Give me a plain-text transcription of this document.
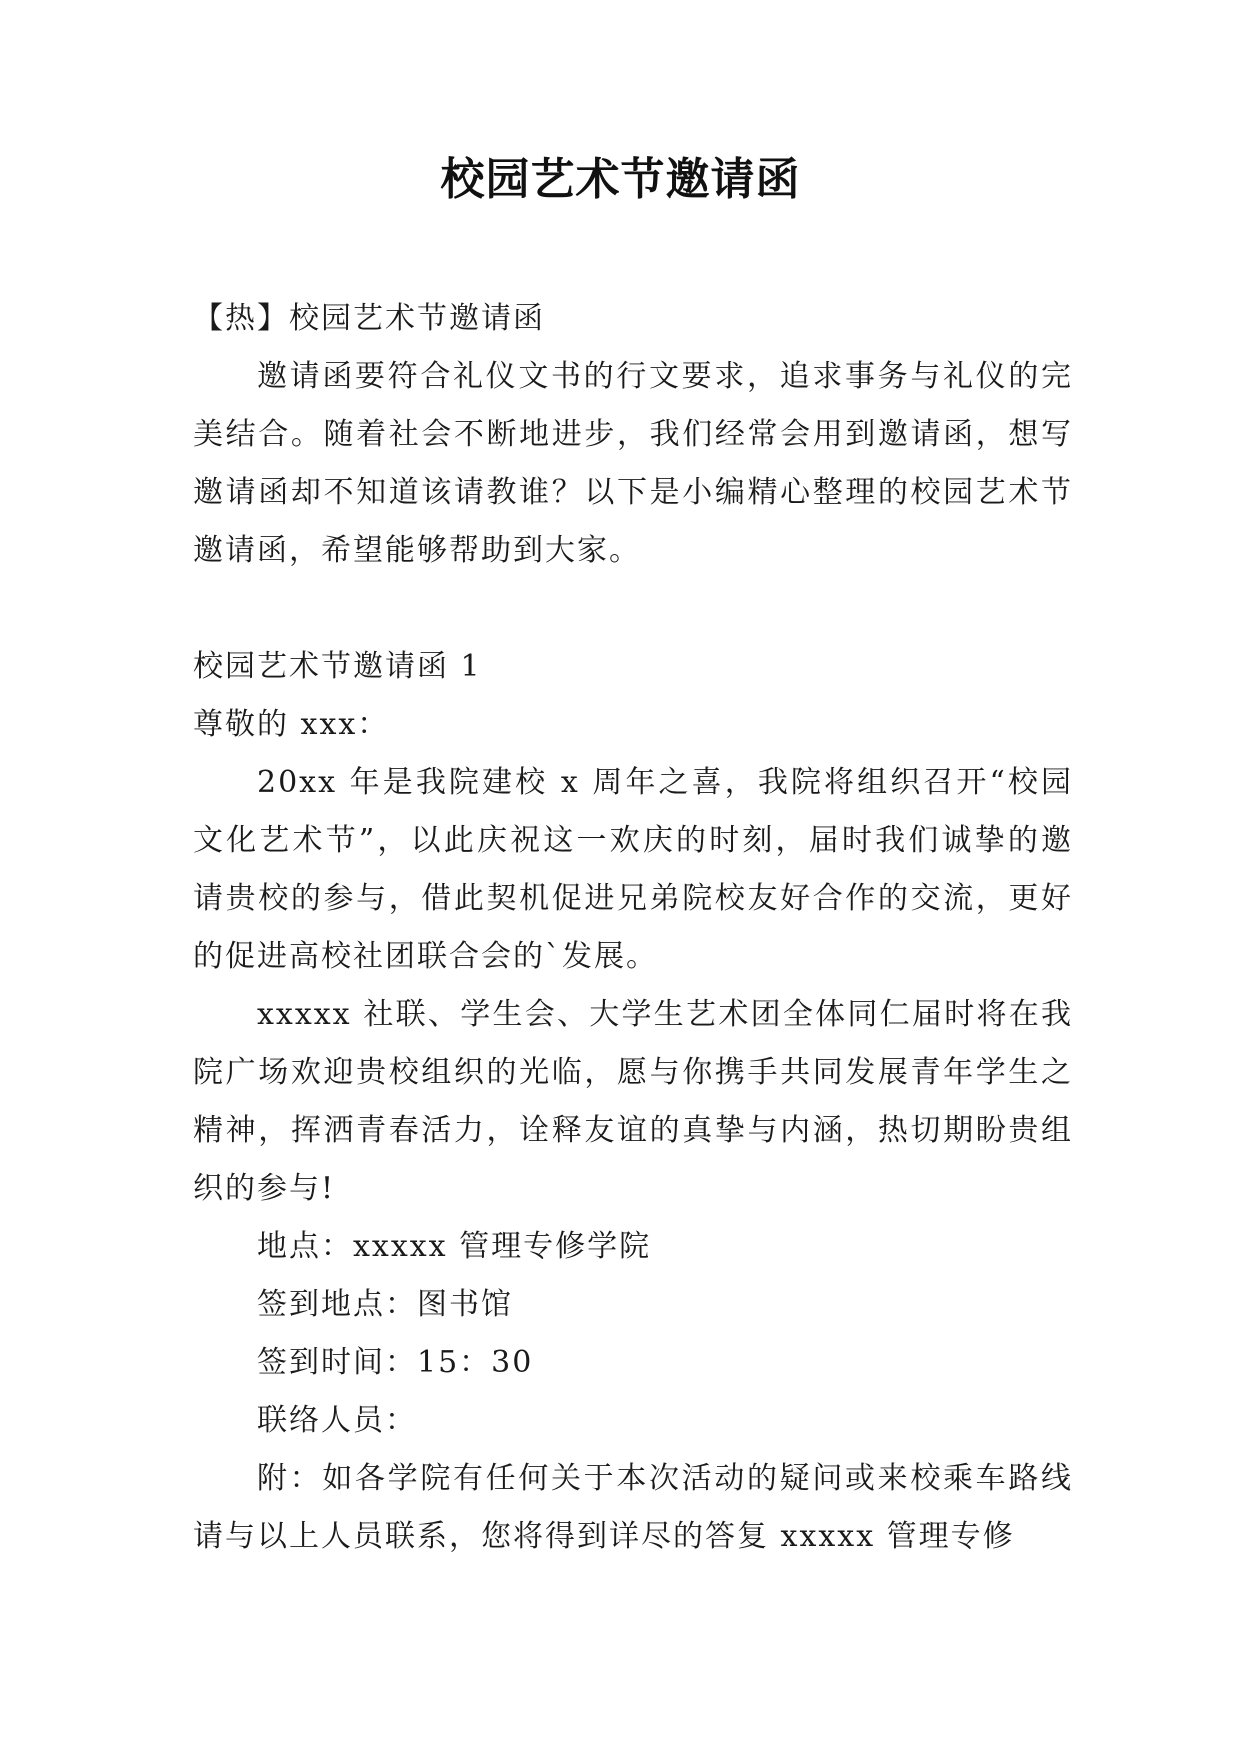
校园艺术节邀请函

【热】校园艺术节邀请函

邀请函要符合礼仪文书的行文要求，追求事务与礼仪的完美结合。随着社会不断地进步，我们经常会用到邀请函，想写邀请函却不知道该请教谁？以下是小编精心整理的校园艺术节邀请函，希望能够帮助到大家。

校园艺术节邀请函 1

尊敬的 xxx：

20xx 年是我院建校 x 周年之喜，我院将组织召开“校园文化艺术节”，以此庆祝这一欢庆的时刻，届时我们诚挚的邀请贵校的参与，借此契机促进兄弟院校友好合作的交流，更好的促进高校社团联合会的`发展。

xxxxx 社联、学生会、大学生艺术团全体同仁届时将在我院广场欢迎贵校组织的光临，愿与你携手共同发展青年学生之精神，挥洒青春活力，诠释友谊的真挚与内涵，热切期盼贵组织的参与!

地点：xxxxx 管理专修学院

签到地点：图书馆

签到时间：15：30

联络人员：

附：如各学院有任何关于本次活动的疑问或来校乘车路线请与以上人员联系，您将得到详尽的答复 xxxxx 管理专修
